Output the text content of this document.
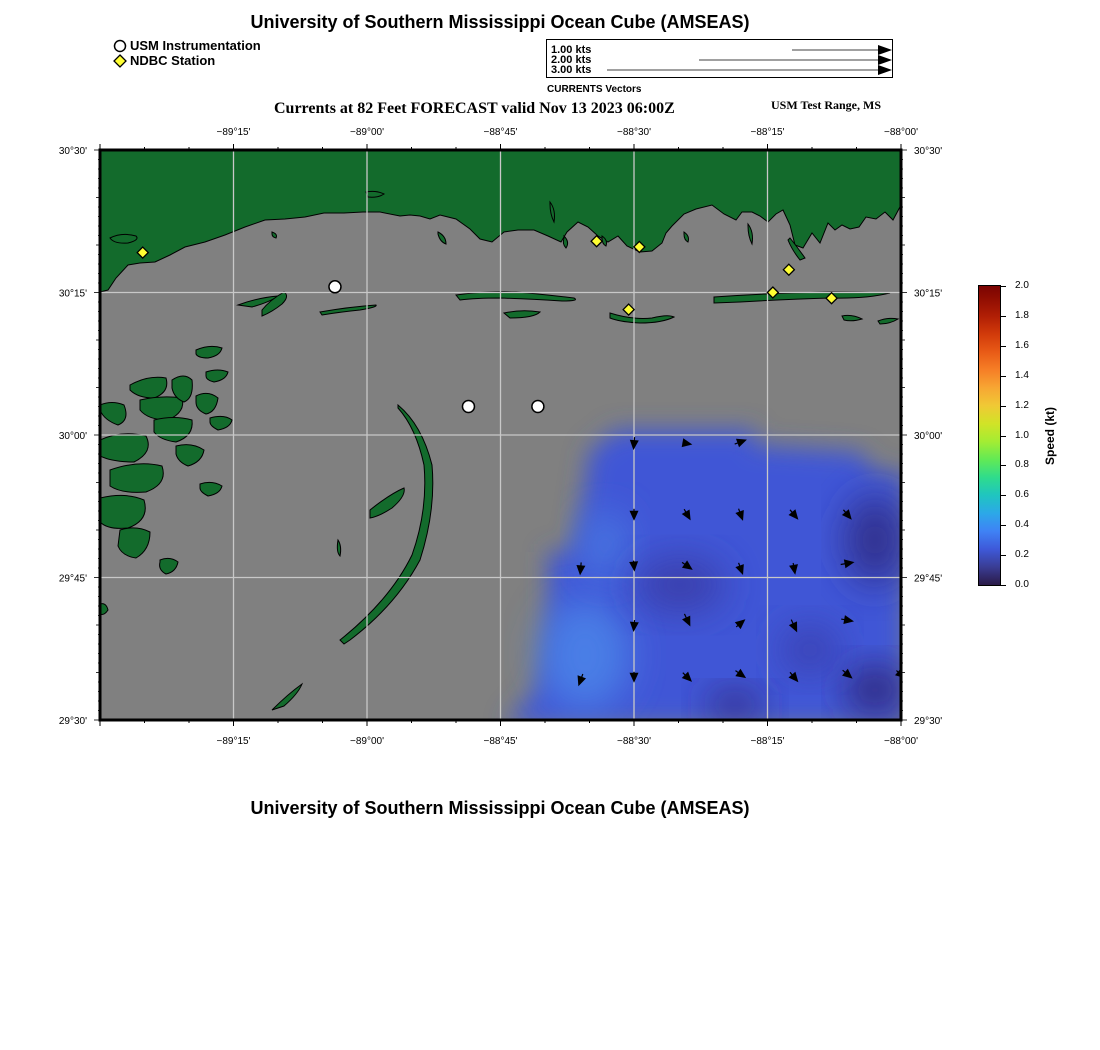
University of Southern Mississippi Ocean Cube (AMSEAS)
USM Instrumentation
NDBC Station
1.00 kts
2.00 kts
3.00 kts
CURRENTS Vectors
Currents at 82 Feet FORECAST valid Nov 13 2023 06:00Z	USM Test Range, MS
−89°15'
−89°15'
−89°00'
−89°00'
−88°45'
−88°45'
−88°30'
−88°30'
−88°15'
−88°15'
−88°00'
−88°00'
30°30'	30°30'
30°15'	30°15'
30°00'	30°00'
29°45'	29°45'
29°30'	29°30'
2.0
1.8
1.6
1.4
1.2
1.0
0.8
0.6
0.4
0.2
0.0
Speed (kt)
University of Southern Mississippi Ocean Cube (AMSEAS)
